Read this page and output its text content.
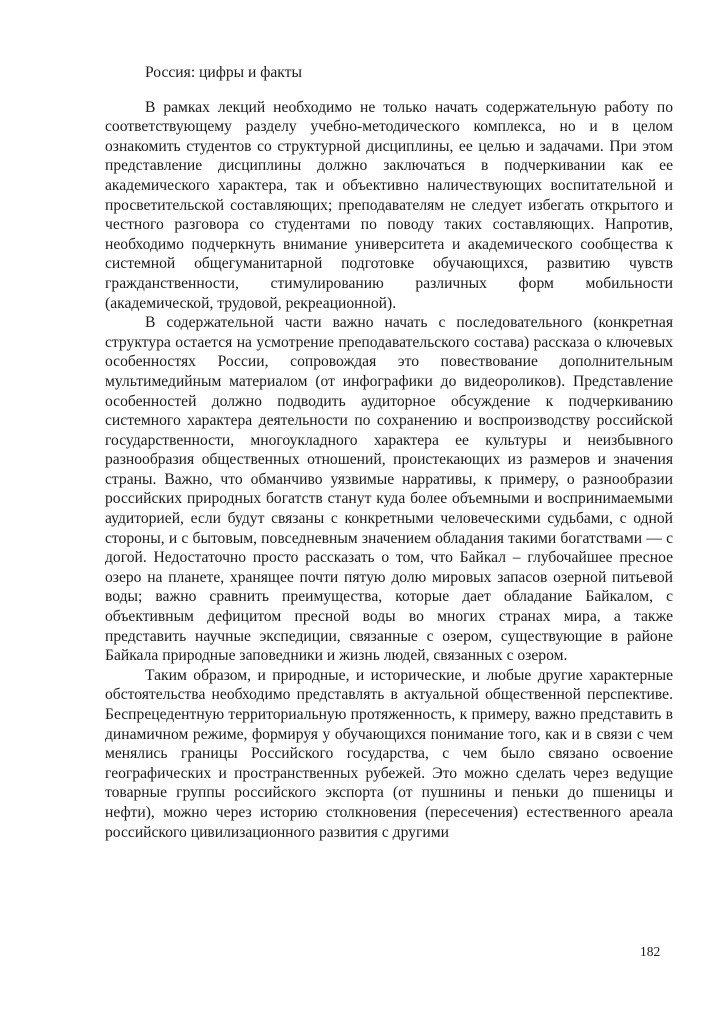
Россия: цифры и факты

В рамках лекций необходимо не только начать содержательную работу по соответствующему разделу учебно-методического комплекса, но и в целом ознакомить студентов со структурной дисциплины, ее целью и задачами. При этом представление дисциплины должно заключаться в подчеркивании как ее академического характера, так и объективно наличествующих воспитательной и просветительской составляющих; преподавателям не следует избегать открытого и честного разговора со студентами по поводу таких составляющих. Напротив, необходимо подчеркнуть внимание университета и академического сообщества к системной общегуманитарной подготовке обучающихся, развитию чувств гражданственности, стимулированию различных форм мобильности (академической, трудовой, рекреационной).

В содержательной части важно начать с последовательного (конкретная структура остается на усмотрение преподавательского состава) рассказа о ключевых особенностях России, сопровождая это повествование дополнительным мультимедийным материалом (от инфографики до видеороликов). Представление особенностей должно подводить аудиторное обсуждение к подчеркиванию системного характера деятельности по сохранению и воспроизводству российской государственности, многоукладного характера ее культуры и неизбывного разнообразия общественных отношений, проистекающих из размеров и значения страны. Важно, что обманчиво уязвимые нарративы, к примеру, о разнообразии российских природных богатств станут куда более объемными и воспринимаемыми аудиторией, если будут связаны с конкретными человеческими судьбами, с одной стороны, и с бытовым, повседневным значением обладания такими богатствами — с догой. Недостаточно просто рассказать о том, что Байкал – глубочайшее пресное озеро на планете, хранящее почти пятую долю мировых запасов озерной питьевой воды; важно сравнить преимущества, которые дает обладание Байкалом, с объективным дефицитом пресной воды во многих странах мира, а также представить научные экспедиции, связанные с озером, существующие в районе Байкала природные заповедники и жизнь людей, связанных с озером.

Таким образом, и природные, и исторические, и любые другие характерные обстоятельства необходимо представлять в актуальной общественной перспективе. Беспрецедентную территориальную протяженность, к примеру, важно представить в динамичном режиме, формируя у обучающихся понимание того, как и в связи с чем менялись границы Российского государства, с чем было связано освоение географических и пространственных рубежей. Это можно сделать через ведущие товарные группы российского экспорта (от пушнины и пеньки до пшеницы и нефти), можно через историю столкновения (пересечения) естественного ареала российского цивилизационного развития с другими

182
